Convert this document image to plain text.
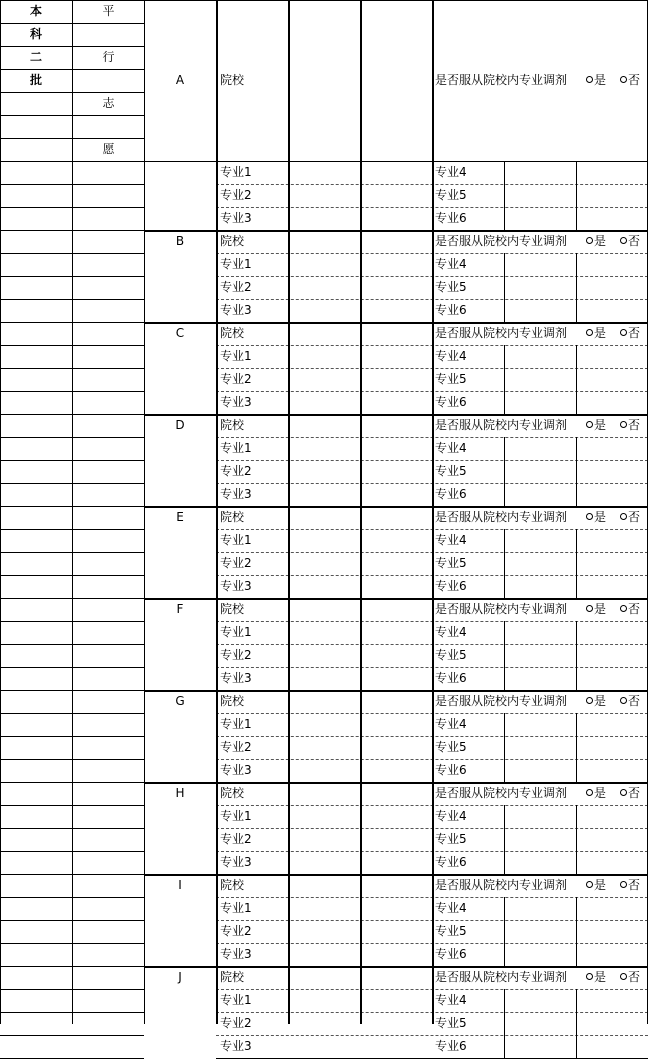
本
科
二
批
平
行
志
愿
A	院校	是否服从院校内专业调剂	是	否
专业1	专业4
专业2	专业5
专业3	专业6
B	院校	是否服从院校内专业调剂	是	否
专业1	专业4
专业2	专业5
专业3	专业6
C	院校	是否服从院校内专业调剂	是	否
专业1	专业4
专业2	专业5
专业3	专业6
D	院校	是否服从院校内专业调剂	是	否
专业1	专业4
专业2	专业5
专业3	专业6
E	院校	是否服从院校内专业调剂	是	否
专业1	专业4
专业2	专业5
专业3	专业6
F	院校	是否服从院校内专业调剂	是	否
专业1	专业4
专业2	专业5
专业3	专业6
G	院校	是否服从院校内专业调剂	是	否
专业1	专业4
专业2	专业5
专业3	专业6
H	院校	是否服从院校内专业调剂	是	否
专业1	专业4
专业2	专业5
专业3	专业6
I	院校	是否服从院校内专业调剂	是	否
专业1	专业4
专业2	专业5
专业3	专业6
J	院校	是否服从院校内专业调剂	是	否
专业1	专业4
专业2	专业5
专业3	专业6
